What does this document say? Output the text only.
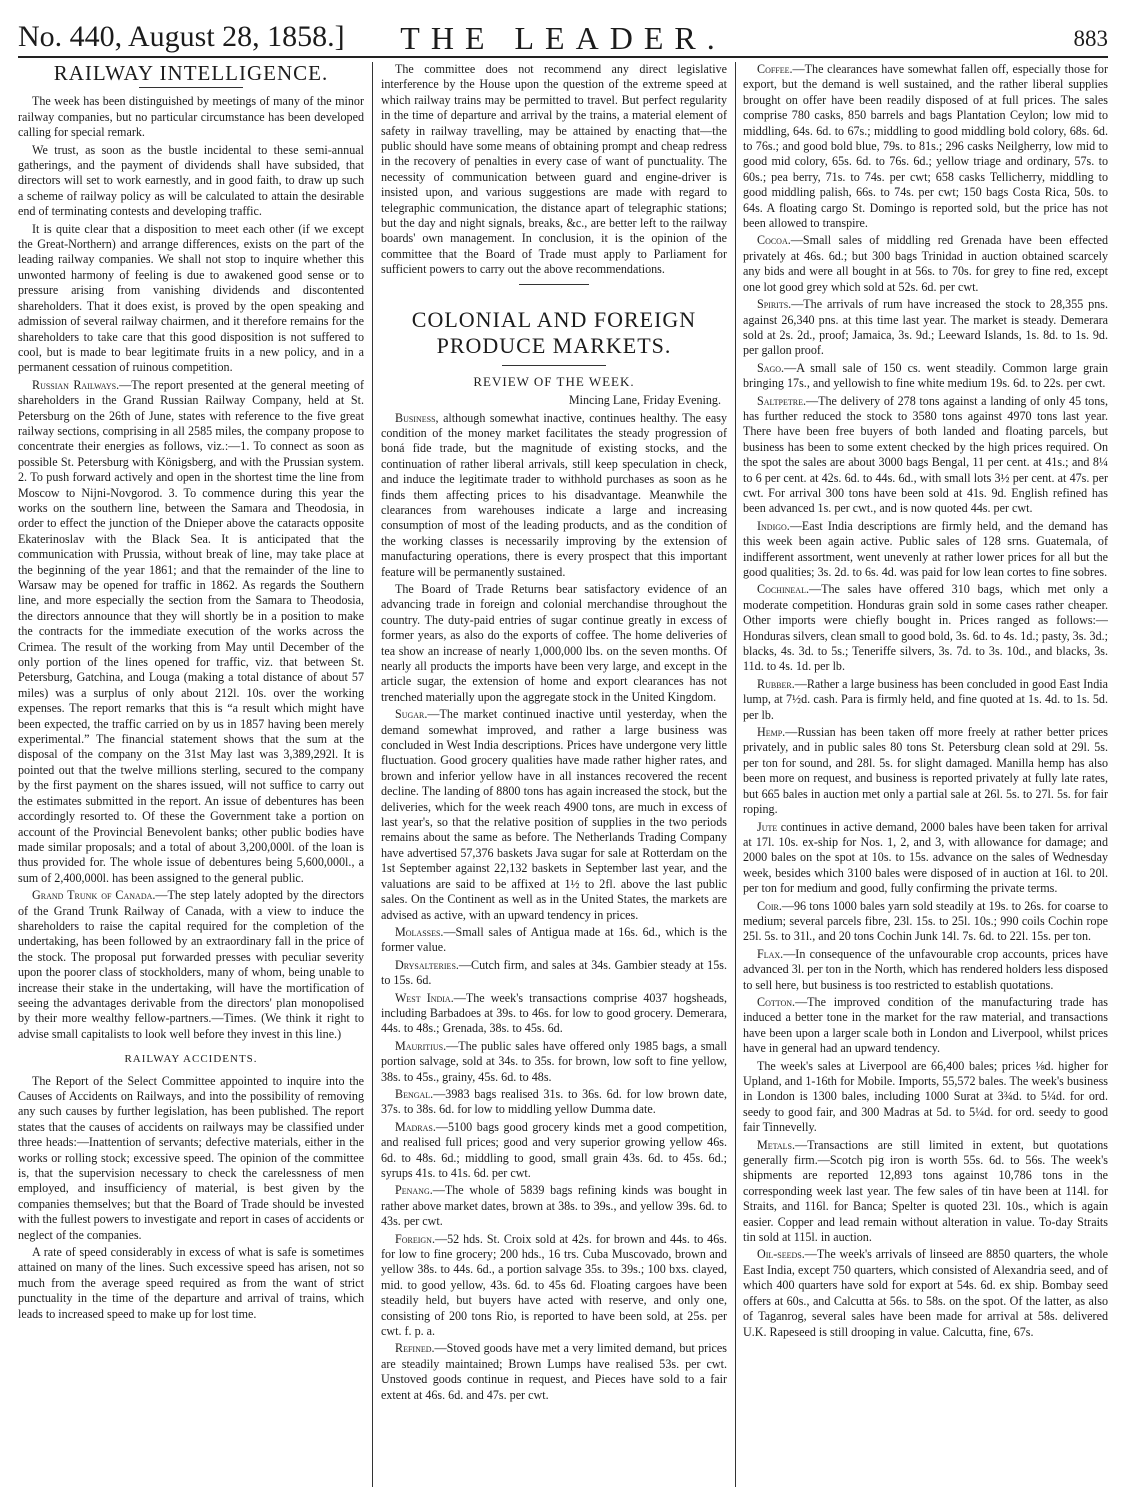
No. 440, August 28, 1858.]	THE LEADER.	883
RAILWAY INTELLIGENCE.

The week has been distinguished by meetings of many of the minor railway companies, but no particular circumstance has been developed calling for special remark.

We trust, as soon as the bustle incidental to these semi-annual gatherings, and the payment of dividends shall have subsided, that directors will set to work earnestly, and in good faith, to draw up such a scheme of railway policy as will be calculated to attain the desirable end of terminating contests and developing traffic.

It is quite clear that a disposition to meet each other (if we except the Great-Northern) and arrange differences, exists on the part of the leading railway companies. We shall not stop to inquire whether this unwonted harmony of feeling is due to awakened good sense or to pressure arising from vanishing dividends and discontented shareholders. That it does exist, is proved by the open speaking and admission of several railway chairmen, and it therefore remains for the shareholders to take care that this good disposition is not suffered to cool, but is made to bear legitimate fruits in a new policy, and in a permanent cessation of ruinous competition.

Russian Railways.—The report presented at the general meeting of shareholders in the Grand Russian Railway Company, held at St. Petersburg on the 26th of June, states with reference to the five great railway sections, comprising in all 2585 miles, the company propose to concentrate their energies as follows, viz.:—1. To connect as soon as possible St. Petersburg with Königsberg, and with the Prussian system. 2. To push forward actively and open in the shortest time the line from Moscow to Nijni-Novgorod. 3. To commence during this year the works on the southern line, between the Samara and Theodosia, in order to effect the junction of the Dnieper above the cataracts opposite Ekaterinoslav with the Black Sea. It is anticipated that the communication with Prussia, without break of line, may take place at the beginning of the year 1861; and that the remainder of the line to Warsaw may be opened for traffic in 1862. As regards the Southern line, and more especially the section from the Samara to Theodosia, the directors announce that they will shortly be in a position to make the contracts for the immediate execution of the works across the Crimea. The result of the working from May until December of the only portion of the lines opened for traffic, viz. that between St. Petersburg, Gatchina, and Louga (making a total distance of about 57 miles) was a surplus of only about 212l. 10s. over the working expenses. The report remarks that this is “a result which might have been expected, the traffic carried on by us in 1857 having been merely experimental.” The financial statement shows that the sum at the disposal of the company on the 31st May last was 3,389,292l. It is pointed out that the twelve millions sterling, secured to the company by the first payment on the shares issued, will not suffice to carry out the estimates submitted in the report. An issue of debentures has been accordingly resorted to. Of these the Government take a portion on account of the Provincial Benevolent banks; other public bodies have made similar proposals; and a total of about 3,200,000l. of the loan is thus provided for. The whole issue of debentures being 5,600,000l., a sum of 2,400,000l. has been assigned to the general public.

Grand Trunk of Canada.—The step lately adopted by the directors of the Grand Trunk Railway of Canada, with a view to induce the shareholders to raise the capital required for the completion of the undertaking, has been followed by an extraordinary fall in the price of the stock. The proposal put forwarded presses with peculiar severity upon the poorer class of stockholders, many of whom, being unable to increase their stake in the undertaking, will have the mortification of seeing the advantages derivable from the directors' plan monopolised by their more wealthy fellow-partners.—Times. (We think it right to advise small capitalists to look well before they invest in this line.)

RAILWAY ACCIDENTS.

The Report of the Select Committee appointed to inquire into the Causes of Accidents on Railways, and into the possibility of removing any such causes by further legislation, has been published. The report states that the causes of accidents on railways may be classified under three heads:—Inattention of servants; defective materials, either in the works or rolling stock; excessive speed. The opinion of the committee is, that the supervision necessary to check the carelessness of men employed, and insufficiency of material, is best given by the companies themselves; but that the Board of Trade should be invested with the fullest powers to investigate and report in cases of accidents or neglect of the companies.

A rate of speed considerably in excess of what is safe is sometimes attained on many of the lines. Such excessive speed has arisen, not so much from the average speed required as from the want of strict punctuality in the time of the departure and arrival of trains, which leads to increased speed to make up for lost time.

The committee does not recommend any direct legislative interference by the House upon the question of the extreme speed at which railway trains may be permitted to travel. But perfect regularity in the time of departure and arrival by the trains, a material element of safety in railway travelling, may be attained by enacting that—the public should have some means of obtaining prompt and cheap redress in the recovery of penalties in every case of want of punctuality. The necessity of communication between guard and engine-driver is insisted upon, and various suggestions are made with regard to telegraphic communication, the distance apart of telegraphic stations; but the day and night signals, breaks, &c., are better left to the railway boards' own management. In conclusion, it is the opinion of the committee that the Board of Trade must apply to Parliament for sufficient powers to carry out the above recommendations.

COLONIAL AND FOREIGN PRODUCE MARKETS.
REVIEW OF THE WEEK.
Mincing Lane, Friday Evening.

Business, although somewhat inactive, continues healthy. The easy condition of the money market facilitates the steady progression of boná fide trade, but the magnitude of existing stocks, and the continuation of rather liberal arrivals, still keep speculation in check, and induce the legitimate trader to withhold purchases as soon as he finds them affecting prices to his disadvantage. Meanwhile the clearances from warehouses indicate a large and increasing consumption of most of the leading products, and as the condition of the working classes is necessarily improving by the extension of manufacturing operations, there is every prospect that this important feature will be permanently sustained.

The Board of Trade Returns bear satisfactory evidence of an advancing trade in foreign and colonial merchandise throughout the country. The duty-paid entries of sugar continue greatly in excess of former years, as also do the exports of coffee. The home deliveries of tea show an increase of nearly 1,000,000 lbs. on the seven months. Of nearly all products the imports have been very large, and except in the article sugar, the extension of home and export clearances has not trenched materially upon the aggregate stock in the United Kingdom.

Sugar.—The market continued inactive until yesterday, when the demand somewhat improved, and rather a large business was concluded in West India descriptions. Prices have undergone very little fluctuation. Good grocery qualities have made rather higher rates, and brown and inferior yellow have in all instances recovered the recent decline. The landing of 8800 tons has again increased the stock, but the deliveries, which for the week reach 4900 tons, are much in excess of last year's, so that the relative position of supplies in the two periods remains about the same as before. The Netherlands Trading Company have advertised 57,376 baskets Java sugar for sale at Rotterdam on the 1st September against 22,132 baskets in September last year, and the valuations are said to be affixed at 1½ to 2fl. above the last public sales. On the Continent as well as in the United States, the markets are advised as active, with an upward tendency in prices.

Molasses.—Small sales of Antigua made at 16s. 6d., which is the former value.

Drysalteries.—Cutch firm, and sales at 34s. Gambier steady at 15s. to 15s. 6d.

West India.—The week's transactions comprise 4037 hogsheads, including Barbadoes at 39s. to 46s. for low to good grocery. Demerara, 44s. to 48s.; Grenada, 38s. to 45s. 6d.

Mauritius.—The public sales have offered only 1985 bags, a small portion salvage, sold at 34s. to 35s. for brown, low soft to fine yellow, 38s. to 45s., grainy, 45s. 6d. to 48s.

Bengal.—3983 bags realised 31s. to 36s. 6d. for low brown date, 37s. to 38s. 6d. for low to middling yellow Dumma date.

Madras.—5100 bags good grocery kinds met a good competition, and realised full prices; good and very superior growing yellow 46s. 6d. to 48s. 6d.; middling to good, small grain 43s. 6d. to 45s. 6d.; syrups 41s. to 41s. 6d. per cwt.

Penang.—The whole of 5839 bags refining kinds was bought in rather above market dates, brown at 38s. to 39s., and yellow 39s. 6d. to 43s. per cwt.

Foreign.—52 hds. St. Croix sold at 42s. for brown and 44s. to 46s. for low to fine grocery; 200 hds., 16 trs. Cuba Muscovado, brown and yellow 38s. to 44s. 6d., a portion salvage 35s. to 39s.; 100 bxs. clayed, mid. to good yellow, 43s. 6d. to 45s 6d. Floating cargoes have been steadily held, but buyers have acted with reserve, and only one, consisting of 200 tons Rio, is reported to have been sold, at 25s. per cwt. f. p. a.

Refined.—Stoved goods have met a very limited demand, but prices are steadily maintained; Brown Lumps have realised 53s. per cwt. Unstoved goods continue in request, and Pieces have sold to a fair extent at 46s. 6d. and 47s. per cwt.

Coffee.—The clearances have somewhat fallen off, especially those for export, but the demand is well sustained, and the rather liberal supplies brought on offer have been readily disposed of at full prices. The sales comprise 780 casks, 850 barrels and bags Plantation Ceylon; low mid to middling, 64s. 6d. to 67s.; middling to good middling bold colory, 68s. 6d. to 76s.; and good bold blue, 79s. to 81s.; 296 casks Neilgherry, low mid to good mid colory, 65s. 6d. to 76s. 6d.; yellow triage and ordinary, 57s. to 60s.; pea berry, 71s. to 74s. per cwt; 658 casks Tellicherry, middling to good middling palish, 66s. to 74s. per cwt; 150 bags Costa Rica, 50s. to 64s. A floating cargo St. Domingo is reported sold, but the price has not been allowed to transpire.

Cocoa.—Small sales of middling red Grenada have been effected privately at 46s. 6d.; but 300 bags Trinidad in auction obtained scarcely any bids and were all bought in at 56s. to 70s. for grey to fine red, except one lot good grey which sold at 52s. 6d. per cwt.

Spirits.—The arrivals of rum have increased the stock to 28,355 pns. against 26,340 pns. at this time last year. The market is steady. Demerara sold at 2s. 2d., proof; Jamaica, 3s. 9d.; Leeward Islands, 1s. 8d. to 1s. 9d. per gallon proof.

Sago.—A small sale of 150 cs. went steadily. Common large grain bringing 17s., and yellowish to fine white medium 19s. 6d. to 22s. per cwt.

Saltpetre.—The delivery of 278 tons against a landing of only 45 tons, has further reduced the stock to 3580 tons against 4970 tons last year. There have been free buyers of both landed and floating parcels, but business has been to some extent checked by the high prices required. On the spot the sales are about 3000 bags Bengal, 11 per cent. at 41s.; and 8¼ to 6 per cent. at 42s. 6d. to 44s. 6d., with small lots 3½ per cent. at 47s. per cwt. For arrival 300 tons have been sold at 41s. 9d. English refined has been advanced 1s. per cwt., and is now quoted 44s. per cwt.

Indigo.—East India descriptions are firmly held, and the demand has this week been again active. Public sales of 128 srns. Guatemala, of indifferent assortment, went unevenly at rather lower prices for all but the good qualities; 3s. 2d. to 6s. 4d. was paid for low lean cortes to fine sobres.

Cochineal.—The sales have offered 310 bags, which met only a moderate competition. Honduras grain sold in some cases rather cheaper. Other imports were chiefly bought in. Prices ranged as follows:—Honduras silvers, clean small to good bold, 3s. 6d. to 4s. 1d.; pasty, 3s. 3d.; blacks, 4s. 3d. to 5s.; Teneriffe silvers, 3s. 7d. to 3s. 10d., and blacks, 3s. 11d. to 4s. 1d. per lb.

Rubber.—Rather a large business has been concluded in good East India lump, at 7½d. cash. Para is firmly held, and fine quoted at 1s. 4d. to 1s. 5d. per lb.

Hemp.—Russian has been taken off more freely at rather better prices privately, and in public sales 80 tons St. Petersburg clean sold at 29l. 5s. per ton for sound, and 28l. 5s. for slight damaged. Manilla hemp has also been more on request, and business is reported privately at fully late rates, but 665 bales in auction met only a partial sale at 26l. 5s. to 27l. 5s. for fair roping.

Jute continues in active demand, 2000 bales have been taken for arrival at 17l. 10s. ex-ship for Nos. 1, 2, and 3, with allowance for damage; and 2000 bales on the spot at 10s. to 15s. advance on the sales of Wednesday week, besides which 3100 bales were disposed of in auction at 16l. to 20l. per ton for medium and good, fully confirming the private terms.

Coir.—96 tons 1000 bales yarn sold steadily at 19s. to 26s. for coarse to medium; several parcels fibre, 23l. 15s. to 25l. 10s.; 990 coils Cochin rope 25l. 5s. to 31l., and 20 tons Cochin Junk 14l. 7s. 6d. to 22l. 15s. per ton.

Flax.—In consequence of the unfavourable crop accounts, prices have advanced 3l. per ton in the North, which has rendered holders less disposed to sell here, but business is too restricted to establish quotations.

Cotton.—The improved condition of the manufacturing trade has induced a better tone in the market for the raw material, and transactions have been upon a larger scale both in London and Liverpool, whilst prices have in general had an upward tendency.

The week's sales at Liverpool are 66,400 bales; prices ⅛d. higher for Upland, and 1-16th for Mobile. Imports, 55,572 bales. The week's business in London is 1300 bales, including 1000 Surat at 3¾d. to 5¼d. for ord. seedy to good fair, and 300 Madras at 5d. to 5¼d. for ord. seedy to good fair Tinnevelly.

Metals.—Transactions are still limited in extent, but quotations generally firm.—Scotch pig iron is worth 55s. 6d. to 56s. The week's shipments are reported 12,893 tons against 10,786 tons in the corresponding week last year. The few sales of tin have been at 114l. for Straits, and 116l. for Banca; Spelter is quoted 23l. 10s., which is again easier. Copper and lead remain without alteration in value. To-day Straits tin sold at 115l. in auction.

Oil-seeds.—The week's arrivals of linseed are 8850 quarters, the whole East India, except 750 quarters, which consisted of Alexandria seed, and of which 400 quarters have sold for export at 54s. 6d. ex ship. Bombay seed offers at 60s., and Calcutta at 56s. to 58s. on the spot. Of the latter, as also of Taganrog, several sales have been made for arrival at 58s. delivered U.K. Rapeseed is still drooping in value. Calcutta, fine, 67s.
